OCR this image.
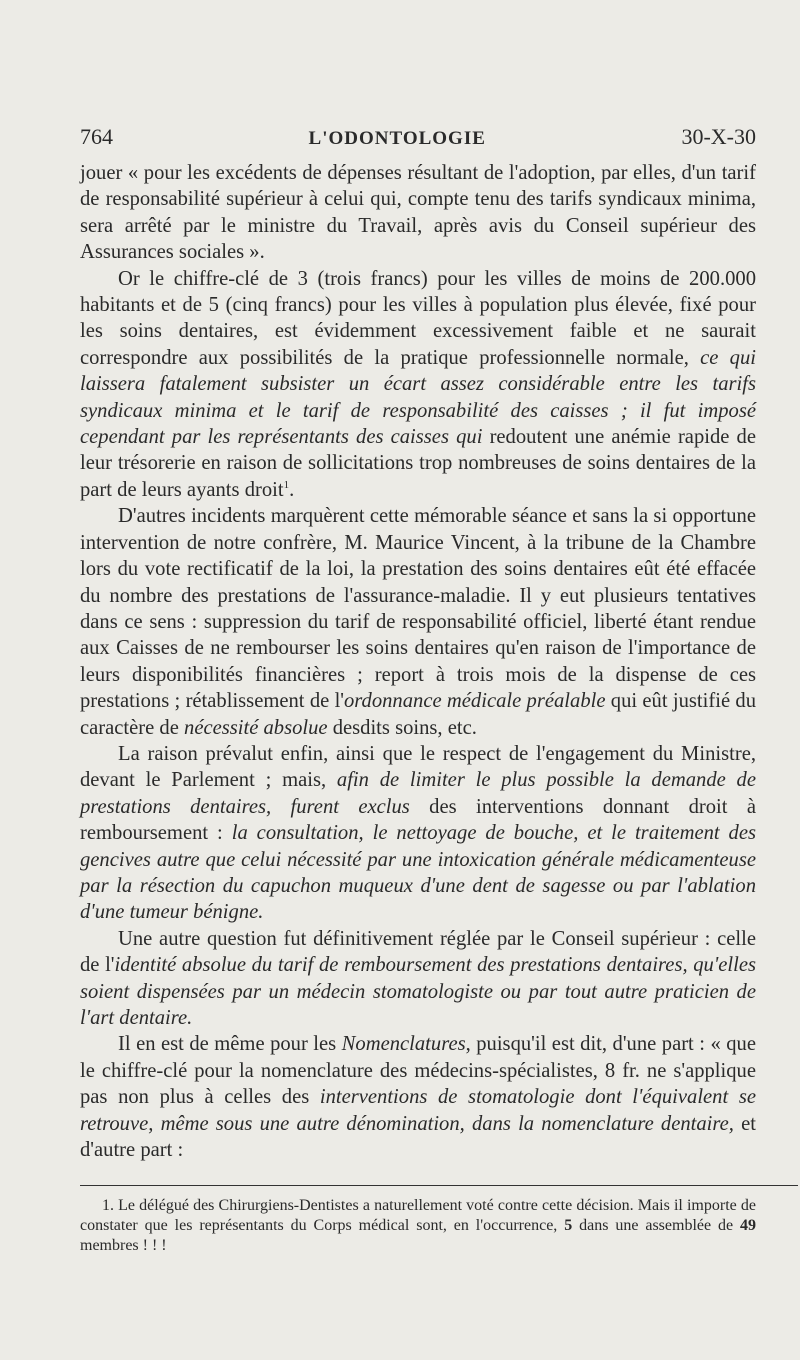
764	L'ODONTOLOGIE	30-X-30

jouer « pour les excédents de dépenses résultant de l'adoption, par elles, d'un tarif de responsabilité supérieur à celui qui, compte tenu des tarifs syndicaux minima, sera arrêté par le ministre du Travail, après avis du Conseil supérieur des Assurances sociales ».

Or le chiffre-clé de 3 (trois francs) pour les villes de moins de 200.000 habitants et de 5 (cinq francs) pour les villes à population plus élevée, fixé pour les soins dentaires, est évidemment excessivement faible et ne saurait correspondre aux possibilités de la pratique professionnelle normale, ce qui laissera fatalement subsister un écart assez considérable entre les tarifs syndicaux minima et le tarif de responsabilité des caisses ; il fut imposé cependant par les représentants des caisses qui redoutent une anémie rapide de leur trésorerie en raison de sollicitations trop nombreuses de soins dentaires de la part de leurs ayants droit$^1$.

D'autres incidents marquèrent cette mémorable séance et sans la si opportune intervention de notre confrère, M. Maurice Vincent, à la tribune de la Chambre lors du vote rectificatif de la loi, la prestation des soins dentaires eût été effacée du nombre des prestations de l'assurance-maladie. Il y eut plusieurs tentatives dans ce sens : suppression du tarif de responsabilité officiel, liberté étant rendue aux Caisses de ne rembourser les soins dentaires qu'en raison de l'importance de leurs disponibilités financières ; report à trois mois de la dispense de ces prestations ; rétablissement de l'ordonnance médicale préalable qui eût justifié du caractère de nécessité absolue desdits soins, etc.

La raison prévalut enfin, ainsi que le respect de l'engagement du Ministre, devant le Parlement ; mais, afin de limiter le plus possible la demande de prestations dentaires, furent exclus des interventions donnant droit à remboursement : la consultation, le nettoyage de bouche, et le traitement des gencives autre que celui nécessité par une intoxication générale médicamenteuse par la résection du capuchon muqueux d'une dent de sagesse ou par l'ablation d'une tumeur bénigne.

Une autre question fut définitivement réglée par le Conseil supérieur : celle de l'identité absolue du tarif de remboursement des prestations dentaires, qu'elles soient dispensées par un médecin stomatologiste ou par tout autre praticien de l'art dentaire.

Il en est de même pour les Nomenclatures, puisqu'il est dit, d'une part : « que le chiffre-clé pour la nomenclature des médecins-spécialistes, 8 fr. ne s'applique pas non plus à celles des interventions de stomatologie dont l'équivalent se retrouve, même sous une autre dénomination, dans la nomenclature dentaire, et d'autre part :

1. Le délégué des Chirurgiens-Dentistes a naturellement voté contre cette décision. Mais il importe de constater que les représentants du Corps médical sont, en l'occurrence, 5 dans une assemblée de 49 membres ! ! !
